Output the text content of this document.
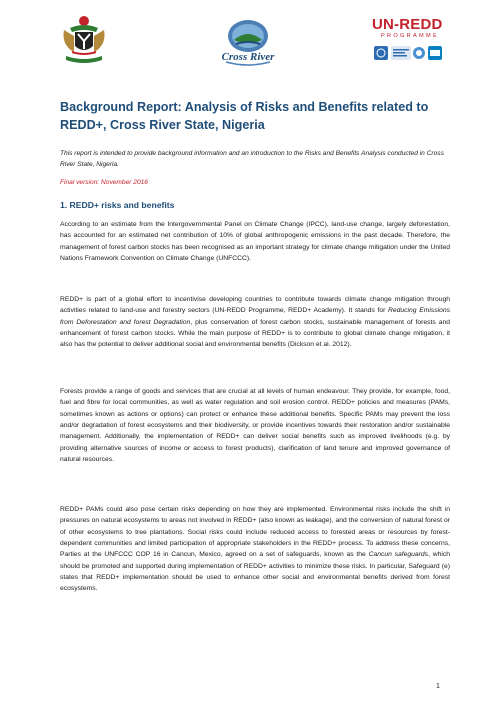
Cross River
UN-REDD
PROGRAMME
Background Report: Analysis of Risks and Benefits related to REDD+, Cross River State, Nigeria

This report is intended to provide background information and an introduction to the Risks and Benefits Analysis conducted in Cross River State, Nigeria.

Final version: November 2016

1. REDD+ risks and benefits

According to an estimate from the Intergovernmental Panel on Climate Change (IPCC), land-use change, largely deforestation, has accounted for an estimated net contribution of 10% of global anthropogenic emissions in the past decade. Therefore, the management of forest carbon stocks has been recognised as an important strategy for climate change mitigation under the United Nations Framework Convention on Climate Change (UNFCCC).

REDD+ is part of a global effort to incentivise developing countries to contribute towards climate change mitigation through activities related to land-use and forestry sectors (UN-REDD Programme, REDD+ Academy). It stands for Reducing Emissions from Deforestation and forest Degradation, plus conservation of forest carbon stocks, sustainable management of forests and enhancement of forest carbon stocks. While the main purpose of REDD+ is to contribute to global climate change mitigation, it also has the potential to deliver additional social and environmental benefits (Dickson et al. 2012).

Forests provide a range of goods and services that are crucial at all levels of human endeavour. They provide, for example, food, fuel and fibre for local communities, as well as water regulation and soil erosion control. REDD+ policies and measures (PAMs, sometimes known as actions or options) can protect or enhance these additional benefits. Specific PAMs may prevent the loss and/or degradation of forest ecosystems and their biodiversity, or provide incentives towards their restoration and/or sustainable management. Additionally, the implementation of REDD+ can deliver social benefits such as improved livelihoods (e.g. by providing alternative sources of income or access to forest products), clarification of land tenure and improved governance of natural resources.

REDD+ PAMs could also pose certain risks depending on how they are implemented. Environmental risks include the shift in pressures on natural ecosystems to areas not involved in REDD+ (also known as leakage), and the conversion of natural forest or of other ecosystems to tree plantations. Social risks could include reduced access to forested areas or resources by forest-dependent communities and limited participation of appropriate stakeholders in the REDD+ process. To address these concerns, Parties at the UNFCCC COP 16 in Cancun, Mexico, agreed on a set of safeguards, known as the Cancun safeguards, which should be promoted and supported during implementation of REDD+ activities to minimize these risks. In particular, Safeguard (e) states that REDD+ implementation should be used to enhance other social and environmental benefits derived from forest ecosystems.

1
